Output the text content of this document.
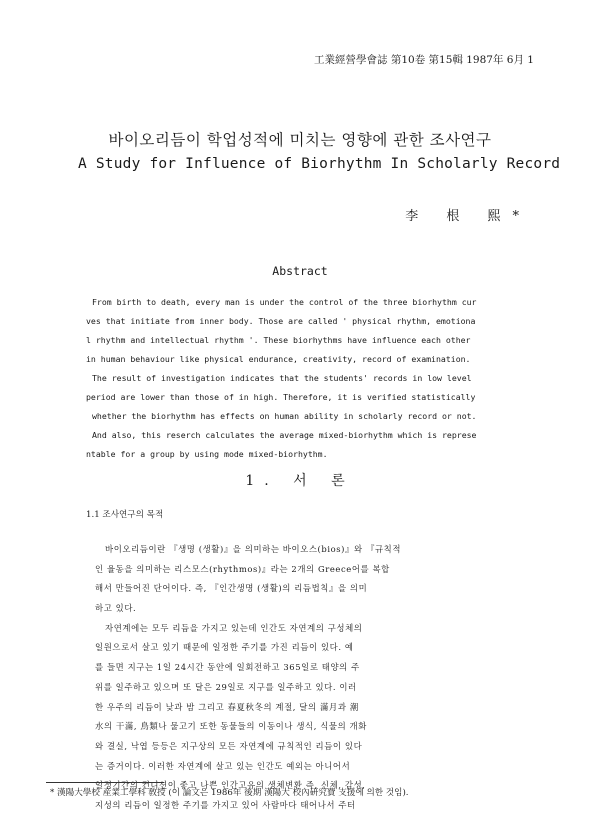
工業經營學會誌 第10卷 第15輯 1987年 6月 1
바이오리듬이 학업성적에 미치는 영향에 관한 조사연구
A Study for Influence of Biorhythm In Scholarly Record
李 根 熙*
Abstract
From birth to death, every man is under the control of the three biorhythm cur
ves that initiate from inner body. Those are called ' physical rhythm, emotiona
l rhythm and intellectual rhythm '. These biorhythms have influence each other
in human behaviour like physical endurance, creativity, record of examination.
The result of investigation indicates that the students' records in low level
period are lower than those of in high. Therefore, it is verified statistically
whether the biorhythm has effects on human ability in scholarly record or not.
And also, this reserch calculates the average mixed-biorhythm which is represe
ntable for a group by using mode mixed-biorhythm.
1. 서 론
1.1 조사연구의 목적
바이오리듬이란 『생명 (생활)』을 의미하는 바이오스(bios)』와 『규칙적
인 율동을 의미하는 리스모스(rhythmos)』라는 2개의 Greece어를 복합
해서 만들어진 단어이다. 즉, 『인간생명 (생활)의 리듬법칙』을 의미
하고 있다.
자연계에는 모두 리듬을 가지고 있는데 인간도 자연계의 구성체의
일원으로서 살고 있기 때문에 일정한 주기를 가진 리듬이 있다. 예
를 들면 지구는 1일 24시간 동안에 일회전하고 365일로 태양의 주
위를 일주하고 있으며 또 달은 29일로 지구를 일주하고 있다. 이러
한 우주의 리듬이 낮과 밤 그리고 春夏秋冬의 계절, 달의 滿月과 潮
水의 干滿, 鳥類나 물고기 또한 동물들의 이동이나 생식, 식물의 개화
와 결실, 낙엽 등등은 지구상의 모든 자연계에 규칙적인 리듬이 있다
는 증거이다. 이러한 자연계에 살고 있는 인간도 예외는 아니어서
일정기간의 컨디션이 좋고 나쁜 인간고유의 생체변환 즉, 신체, 감성,
지성의 리듬이 일정한 주기를 가지고 있어 사람마다 태어나서 주터
* 漢陽大學校 産業工學科 敎授 (이 論文은 1986年 後期 漢陽大 校內硏究費 支援에 의한 것임).
